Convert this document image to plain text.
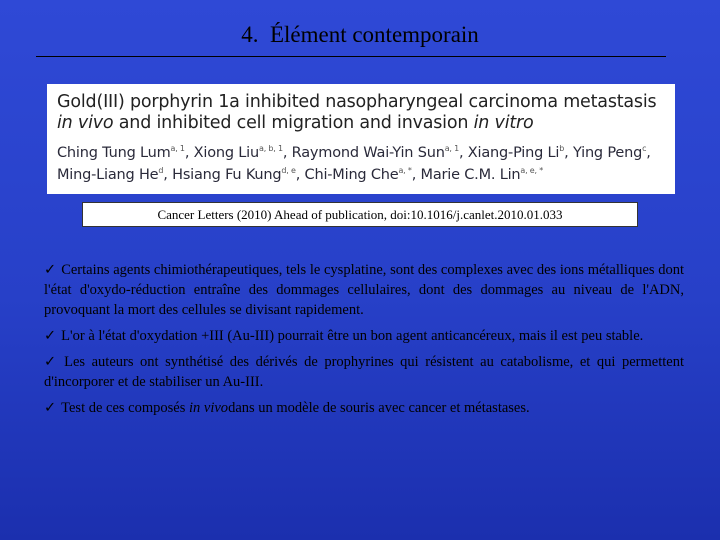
4. Élément contemporain
Gold(III) porphyrin 1a inhibited nasopharyngeal carcinoma metastasis
in vivo and inhibited cell migration and invasion in vitro
Ching Tung Lum$^{a, 1}$, Xiong Liu$^{a, b, 1}$, Raymond Wai-Yin Sun$^{a, 1}$, Xiang-Ping Li$^b$, Ying Peng$^c$,
Ming-Liang He$^d$, Hsiang Fu Kung$^{d, e}$, Chi-Ming Che$^{a, *}$, Marie C.M. Lin$^{a, e, *}$
Cancer Letters (2010) Ahead of publication, doi:10.1016/j.canlet.2010.01.033
✓ Certains agents chimiothérapeutiques, tels le cysplatine, sont des complexes avec des ions métalliques dont l'état d'oxydo-réduction entraîne des dommages cellulaires, dont des dommages au niveau de l'ADN, provoquant la mort des cellules se divisant rapidement.
✓ L'or à l'état d'oxydation +III (Au-III) pourrait être un bon agent anticancéreux, mais il est peu stable.
✓ Les auteurs ont synthétisé des dérivés de prophyrines qui résistent au catabolisme, et qui permettent d'incorporer et de stabiliser un Au-III.
✓ Test de ces composés in vivodans un modèle de souris avec cancer et métastases.
